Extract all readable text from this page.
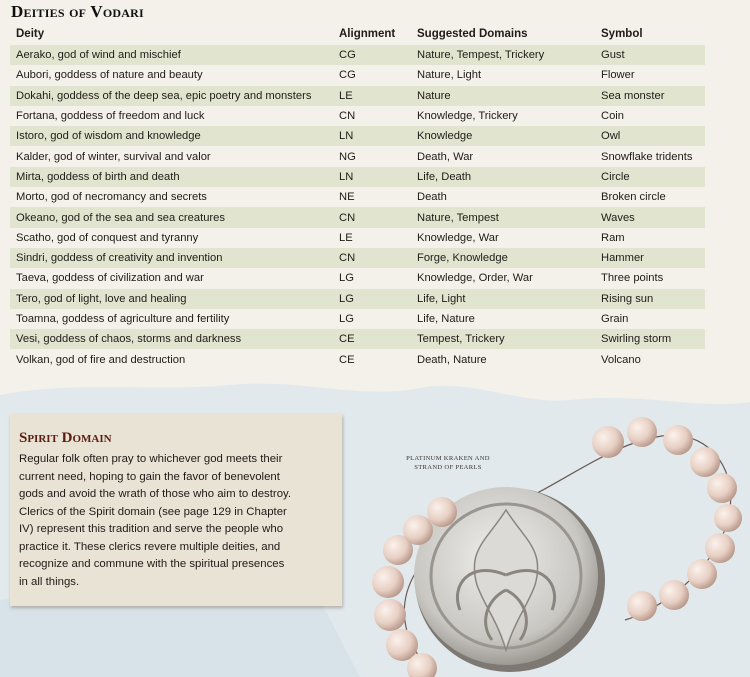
Deities of Vodari
Deity	Alignment	Suggested Domains	Symbol
Aerako, god of wind and mischief	CG	Nature, Tempest, Trickery	Gust
Aubori, goddess of nature and beauty	CG	Nature, Light	Flower
Dokahi, goddess of the deep sea, epic poetry and monsters	LE	Nature	Sea monster
Fortana, goddess of freedom and luck	CN	Knowledge, Trickery	Coin
Istoro, god of wisdom and knowledge	LN	Knowledge	Owl
Kalder, god of winter, survival and valor	NG	Death, War	Snowflake tridents
Mirta, goddess of birth and death	LN	Life, Death	Circle
Morto, god of necromancy and secrets	NE	Death	Broken circle
Okeano, god of the sea and sea creatures	CN	Nature, Tempest	Waves
Scatho, god of conquest and tyranny	LE	Knowledge, War	Ram
Sindri, goddess of creativity and invention	CN	Forge, Knowledge	Hammer
Taeva, goddess of civilization and war	LG	Knowledge, Order, War	Three points
Tero, god of light, love and healing	LG	Life, Light	Rising sun
Toamna, goddess of agriculture and fertility	LG	Life, Nature	Grain
Vesi, goddess of chaos, storms and darkness	CE	Tempest, Trickery	Swirling storm
Volkan, god of fire and destruction	CE	Death, Nature	Volcano
Spirit Domain
Regular folk often pray to whichever god meets their
current need, hoping to gain the favor of benevolent
gods and avoid the wrath of those who aim to destroy.
Clerics of the Spirit domain (see page 129 in Chapter
IV) represent this tradition and serve the people who
practice it. These clerics revere multiple deities, and
recognize and commune with the spiritual presences
in all things.
PLATINUM KRAKEN AND
STRAND OF PEARLS
